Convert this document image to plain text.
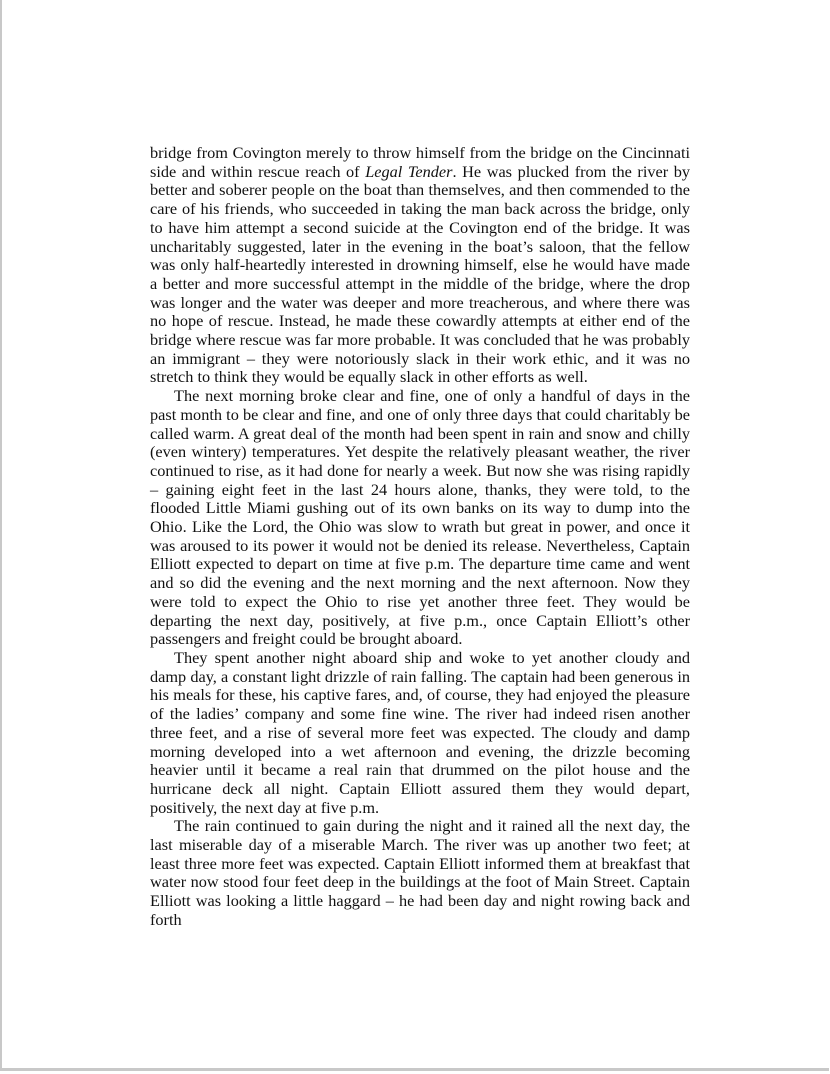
bridge from Covington merely to throw himself from the bridge on the Cincinnati side and within rescue reach of Legal Tender. He was plucked from the river by better and soberer people on the boat than themselves, and then commended to the care of his friends, who succeeded in taking the man back across the bridge, only to have him attempt a second suicide at the Covington end of the bridge. It was uncharitably suggested, later in the evening in the boat’s saloon, that the fellow was only half-heartedly interested in drowning himself, else he would have made a better and more successful attempt in the middle of the bridge, where the drop was longer and the water was deeper and more treacherous, and where there was no hope of rescue. Instead, he made these cowardly attempts at either end of the bridge where rescue was far more probable. It was concluded that he was probably an immigrant – they were notoriously slack in their work ethic, and it was no stretch to think they would be equally slack in other efforts as well.

The next morning broke clear and fine, one of only a handful of days in the past month to be clear and fine, and one of only three days that could charitably be called warm. A great deal of the month had been spent in rain and snow and chilly (even wintery) temperatures. Yet despite the relatively pleasant weather, the river continued to rise, as it had done for nearly a week. But now she was rising rapidly – gaining eight feet in the last 24 hours alone, thanks, they were told, to the flooded Little Miami gushing out of its own banks on its way to dump into the Ohio. Like the Lord, the Ohio was slow to wrath but great in power, and once it was aroused to its power it would not be denied its release. Nevertheless, Captain Elliott expected to depart on time at five p.m. The departure time came and went and so did the evening and the next morning and the next afternoon. Now they were told to expect the Ohio to rise yet another three feet. They would be departing the next day, positively, at five p.m., once Captain Elliott’s other passengers and freight could be brought aboard.

They spent another night aboard ship and woke to yet another cloudy and damp day, a constant light drizzle of rain falling. The captain had been generous in his meals for these, his captive fares, and, of course, they had enjoyed the pleasure of the ladies’ company and some fine wine. The river had indeed risen another three feet, and a rise of several more feet was expected. The cloudy and damp morning developed into a wet afternoon and evening, the drizzle becoming heavier until it became a real rain that drummed on the pilot house and the hurricane deck all night. Captain Elliott assured them they would depart, positively, the next day at five p.m.

The rain continued to gain during the night and it rained all the next day, the last miserable day of a miserable March. The river was up another two feet; at least three more feet was expected. Captain Elliott informed them at breakfast that water now stood four feet deep in the buildings at the foot of Main Street. Captain Elliott was looking a little haggard – he had been day and night rowing back and forth
